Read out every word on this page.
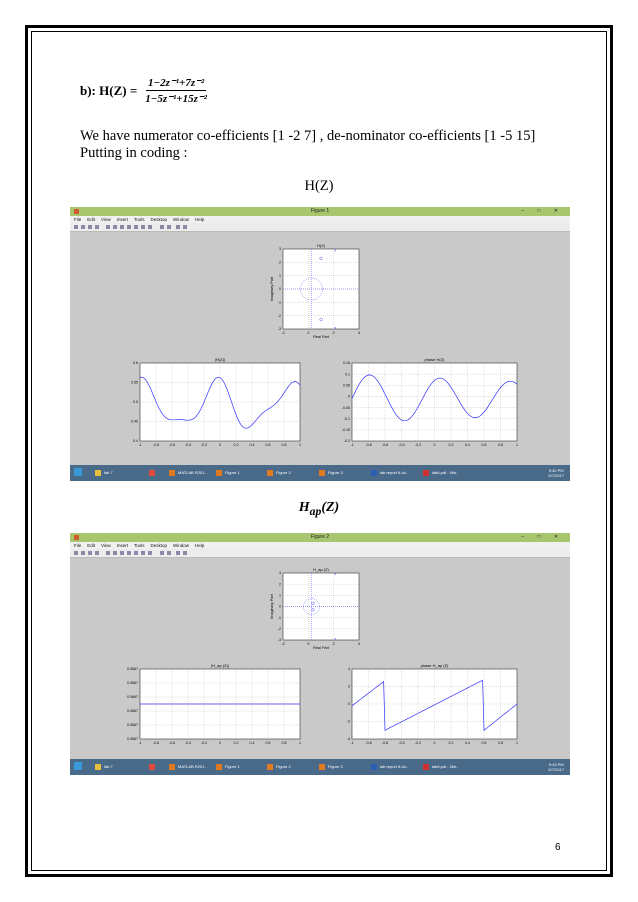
b): $H(Z) = \frac{\text{1−2z⁻¹+7z⁻²}}{\text{1−5z⁻¹+15z⁻²}}$
We have numerator co-efficients [1 -2 7] , de-nominator co-efficients [1 -5 15]
Putting in coding :
H(Z)
Figure 1	– □ ✕
File Edit View Insert Tools Desktop Window Help
-2	0	2	4
3
2
1
0
-1
-2
-3
H(Z)
Real Part
Imaginary Part
x
x
-1	-0.8	-0.6	-0.4	-0.2	0	0.2	0.4	0.6	0.8	1
0.6
0.55
0.5
0.45
0.4
|H(Z)|
-1	-0.8	-0.6	-0.4	-0.2	0	0.2	0.4	0.6	0.8	1
0.15
0.1
0.05
0
-0.05
-0.1
-0.15
-0.2
phase H(Z)
lab 7	MATLAB R201..	Figure 1	Figure 2	Figure 3	lab report 6.do..	lab6.pdf - Nitr..	9:42 PM
6/7/2017
$H_{ap}(Z)$
Figure 2	– □ ✕
File Edit View Insert Tools Desktop Window Help
-2	0	2	4
3
2
1
0
-1
-2
-3
H_ap (Z)
Real Part
Imaginary Part
x
x
-1	-0.8	-0.6	-0.4	-0.2	0	0.2	0.4	0.6	0.8	1
0.0667
0.0667
0.0667
0.0667
0.0667
0.0667
|H_ap (Z)|
-1	-0.8	-0.6	-0.4	-0.2	0	0.2	0.4	0.6	0.8	1
4
2
0
-2
-4
phase H_ap (Z)
lab 7	MATLAB R201..	Figure 1	Figure 2	Figure 3	lab report 6.do..	lab6.pdf - Nitr..	9:43 PM
6/7/2017
6
